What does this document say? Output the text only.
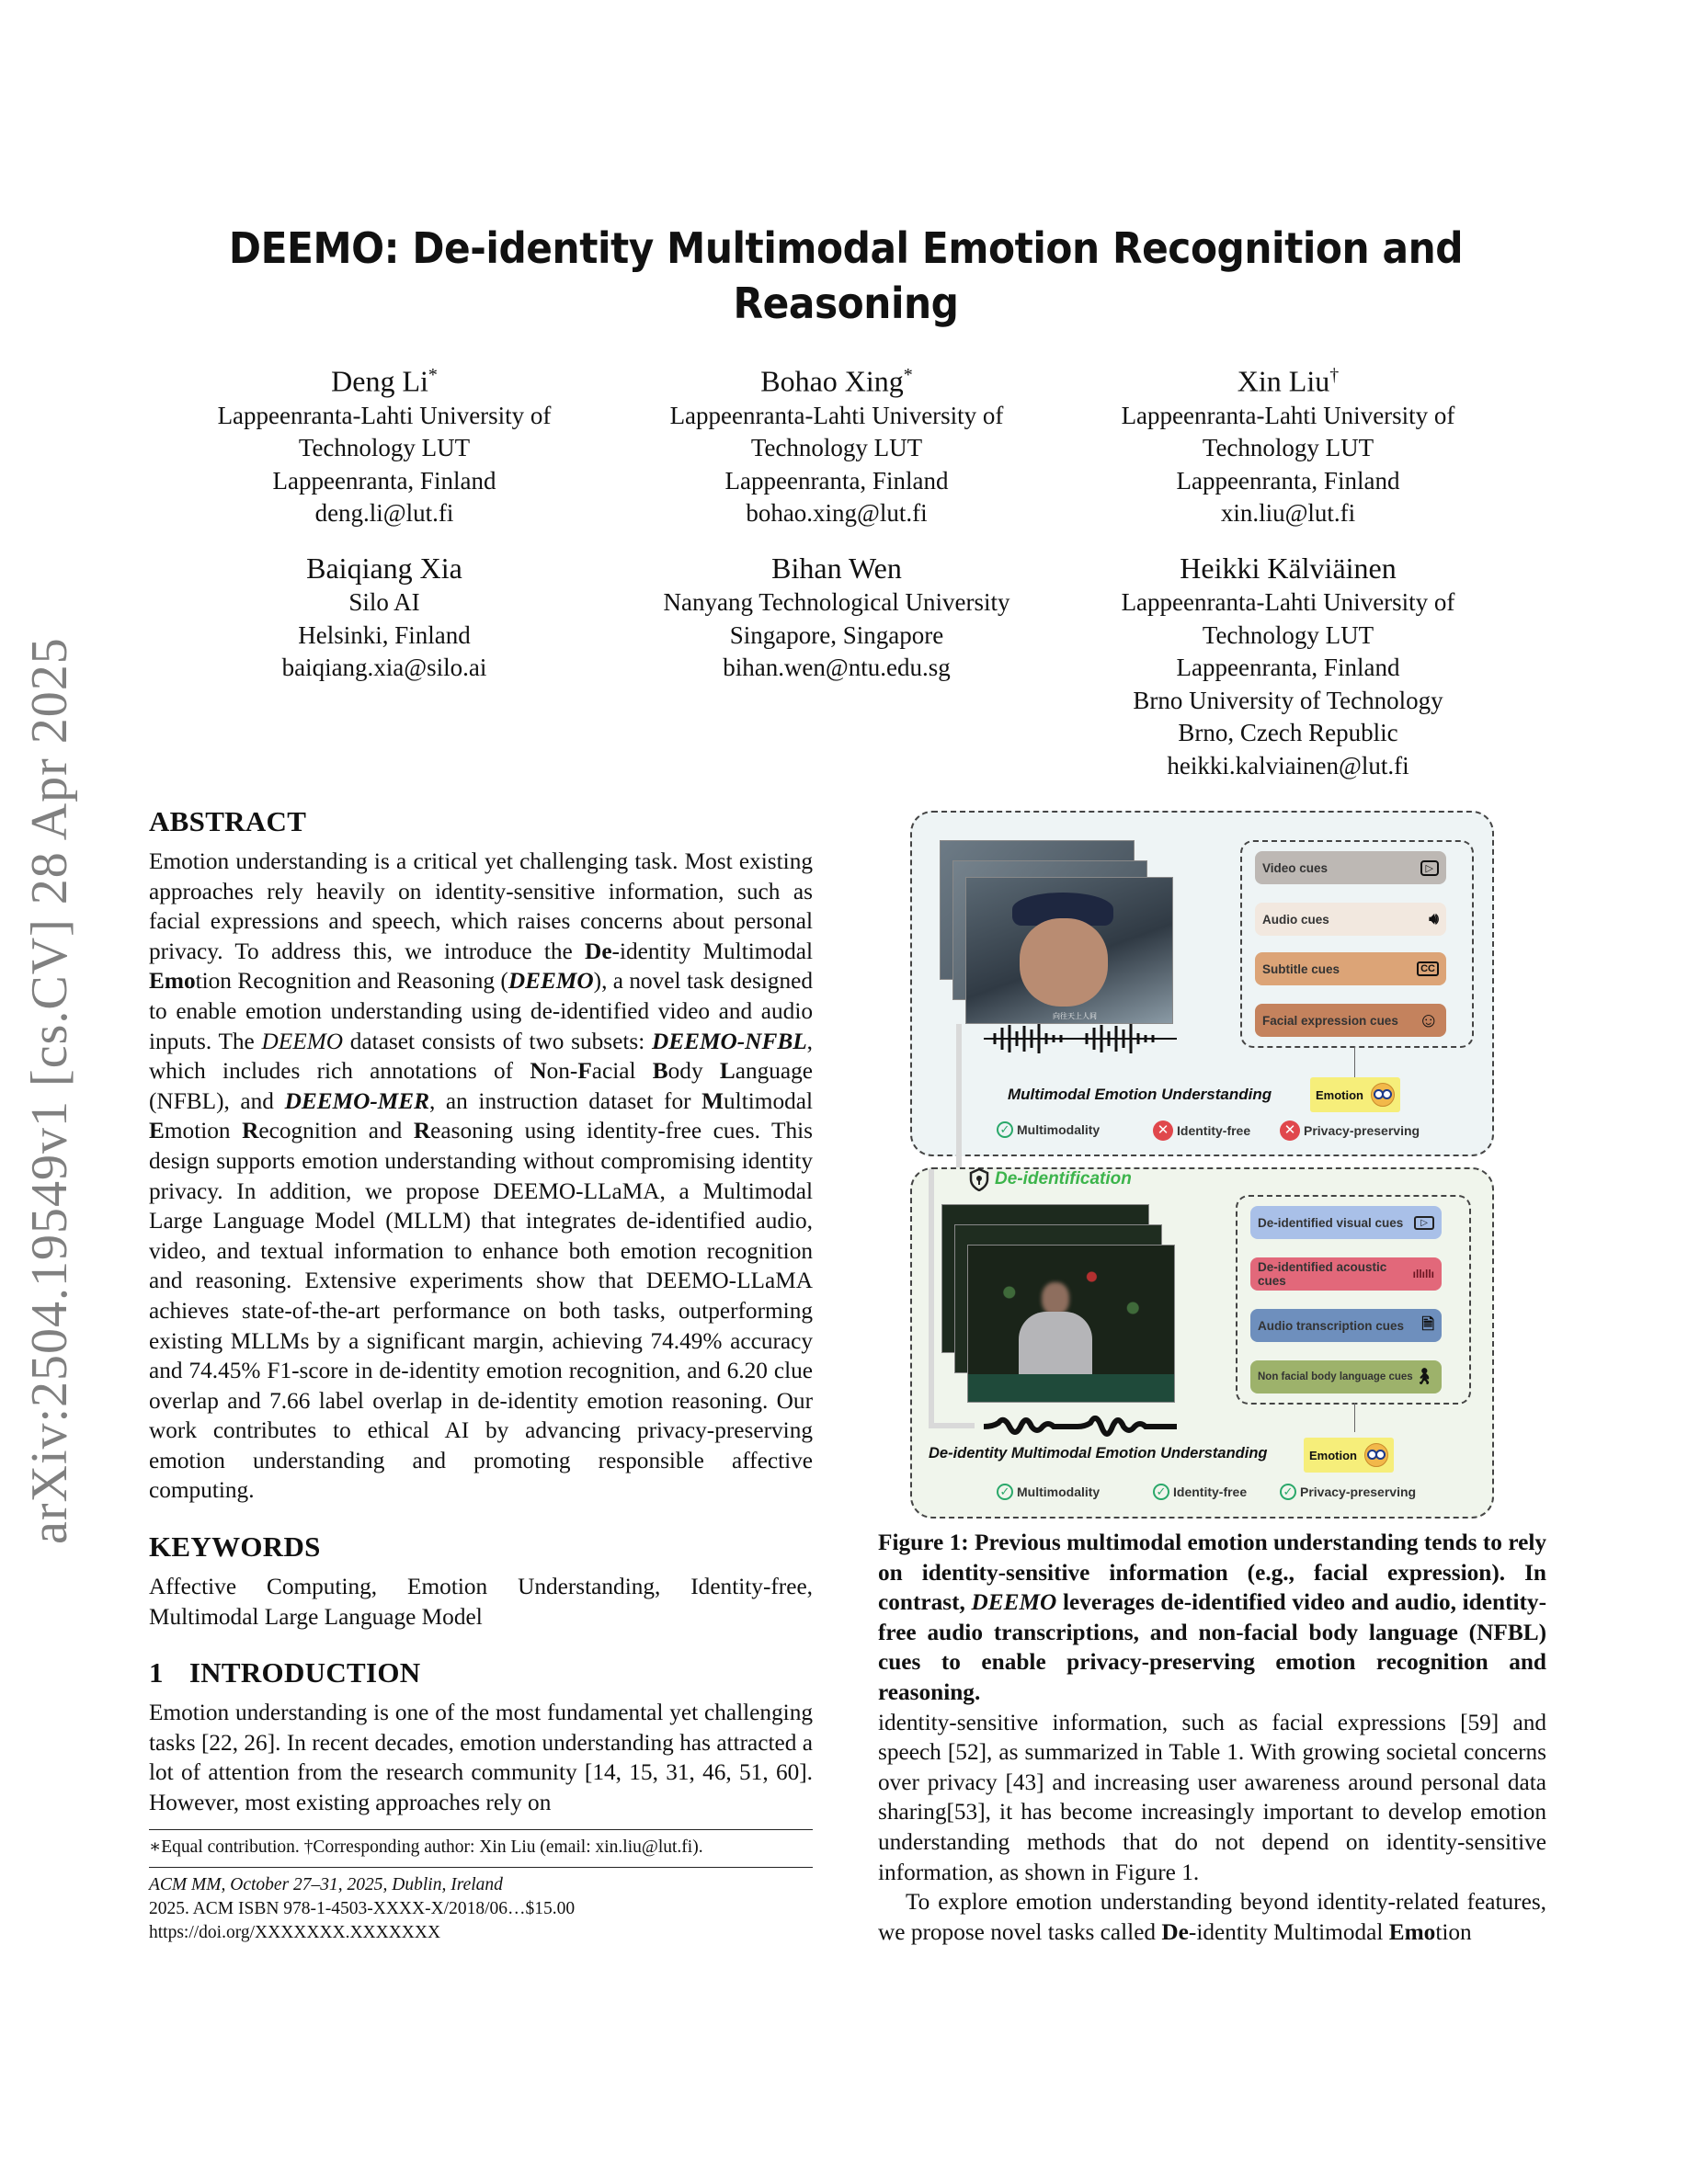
arXiv:2504.19549v1 [cs.CV] 28 Apr 2025
DEEMO: De-identity Multimodal Emotion Recognition and Reasoning
Deng Li*
Lappeenranta-Lahti University of
Technology LUT
Lappeenranta, Finland
deng.li@lut.fi
Bohao Xing*
Lappeenranta-Lahti University of
Technology LUT
Lappeenranta, Finland
bohao.xing@lut.fi
Xin Liu†
Lappeenranta-Lahti University of
Technology LUT
Lappeenranta, Finland
xin.liu@lut.fi
Baiqiang Xia
Silo AI
Helsinki, Finland
baiqiang.xia@silo.ai
Bihan Wen
Nanyang Technological University
Singapore, Singapore
bihan.wen@ntu.edu.sg
Heikki Kälviäinen
Lappeenranta-Lahti University of
Technology LUT
Lappeenranta, Finland
Brno University of Technology
Brno, Czech Republic
heikki.kalviainen@lut.fi
ABSTRACT

Emotion understanding is a critical yet challenging task. Most existing approaches rely heavily on identity-sensitive information, such as facial expressions and speech, which raises concerns about personal privacy. To address this, we introduce the De-identity Multimodal Emotion Recognition and Reasoning (DEEMO), a novel task designed to enable emotion understanding using de-identified video and audio inputs. The DEEMO dataset consists of two subsets: DEEMO-NFBL, which includes rich annotations of Non-Facial Body Language (NFBL), and DEEMO-MER, an instruction dataset for Multimodal Emotion Recognition and Reasoning using identity-free cues. This design supports emotion understanding without compromising identity privacy. In addition, we propose DEEMO-LLaMA, a Multimodal Large Language Model (MLLM) that integrates de-identified audio, video, and textual information to enhance both emotion recognition and reasoning. Extensive experiments show that DEEMO-LLaMA achieves state-of-the-art performance on both tasks, outperforming existing MLLMs by a significant margin, achieving 74.49% accuracy and 74.45% F1-score in de-identity emotion recognition, and 6.20 clue overlap and 7.66 label overlap in de-identity emotion reasoning. Our work contributes to ethical AI by advancing privacy-preserving emotion understanding and promoting responsible affective computing.

KEYWORDS

Affective Computing, Emotion Understanding, Identity-free, Multimodal Large Language Model

1 INTRODUCTION

Emotion understanding is one of the most fundamental yet challenging tasks [22, 26]. In recent decades, emotion understanding has attracted a lot of attention from the research community [14, 15, 31, 46, 51, 60]. However, most existing approaches rely on

∗Equal contribution. †Corresponding author: Xin Liu (email: xin.liu@lut.fi).
ACM MM, October 27–31, 2025, Dublin, Ireland
2025. ACM ISBN 978-1-4503-XXXX-X/2018/06…$15.00
https://doi.org/XXXXXXX.XXXXXXX
向往天上人间
Video cues	▷
Audio cues	🔊︎
Subtitle cues	CC
Facial expression cues ☺
Multimodal Emotion Understanding	Emotion
✓ Multimodality	✕ Identity-free	✕ Privacy-preserving
De-identification
De-identified visual cues	▷
De-identified acoustic cues	ıllıllı
Audio transcription cues 🗎
Non facial body language cues 🚶︎
De-identity Multimodal Emotion Understanding	Emotion
✓ Multimodality	✓ Identity-free	✓ Privacy-preserving
Figure 1: Previous multimodal emotion understanding tends to rely on identity-sensitive information (e.g., facial expression). In contrast, DEEMO leverages de-identified video and audio, identity-free audio transcriptions, and non-facial body language (NFBL) cues to enable privacy-preserving emotion recognition and reasoning.

identity-sensitive information, such as facial expressions [59] and speech [52], as summarized in Table 1. With growing societal concerns over privacy [43] and increasing user awareness around personal data sharing[53], it has become increasingly important to develop emotion understanding methods that do not depend on identity-sensitive information, as shown in Figure 1.

To explore emotion understanding beyond identity-related features, we propose novel tasks called De-identity Multimodal Emotion
